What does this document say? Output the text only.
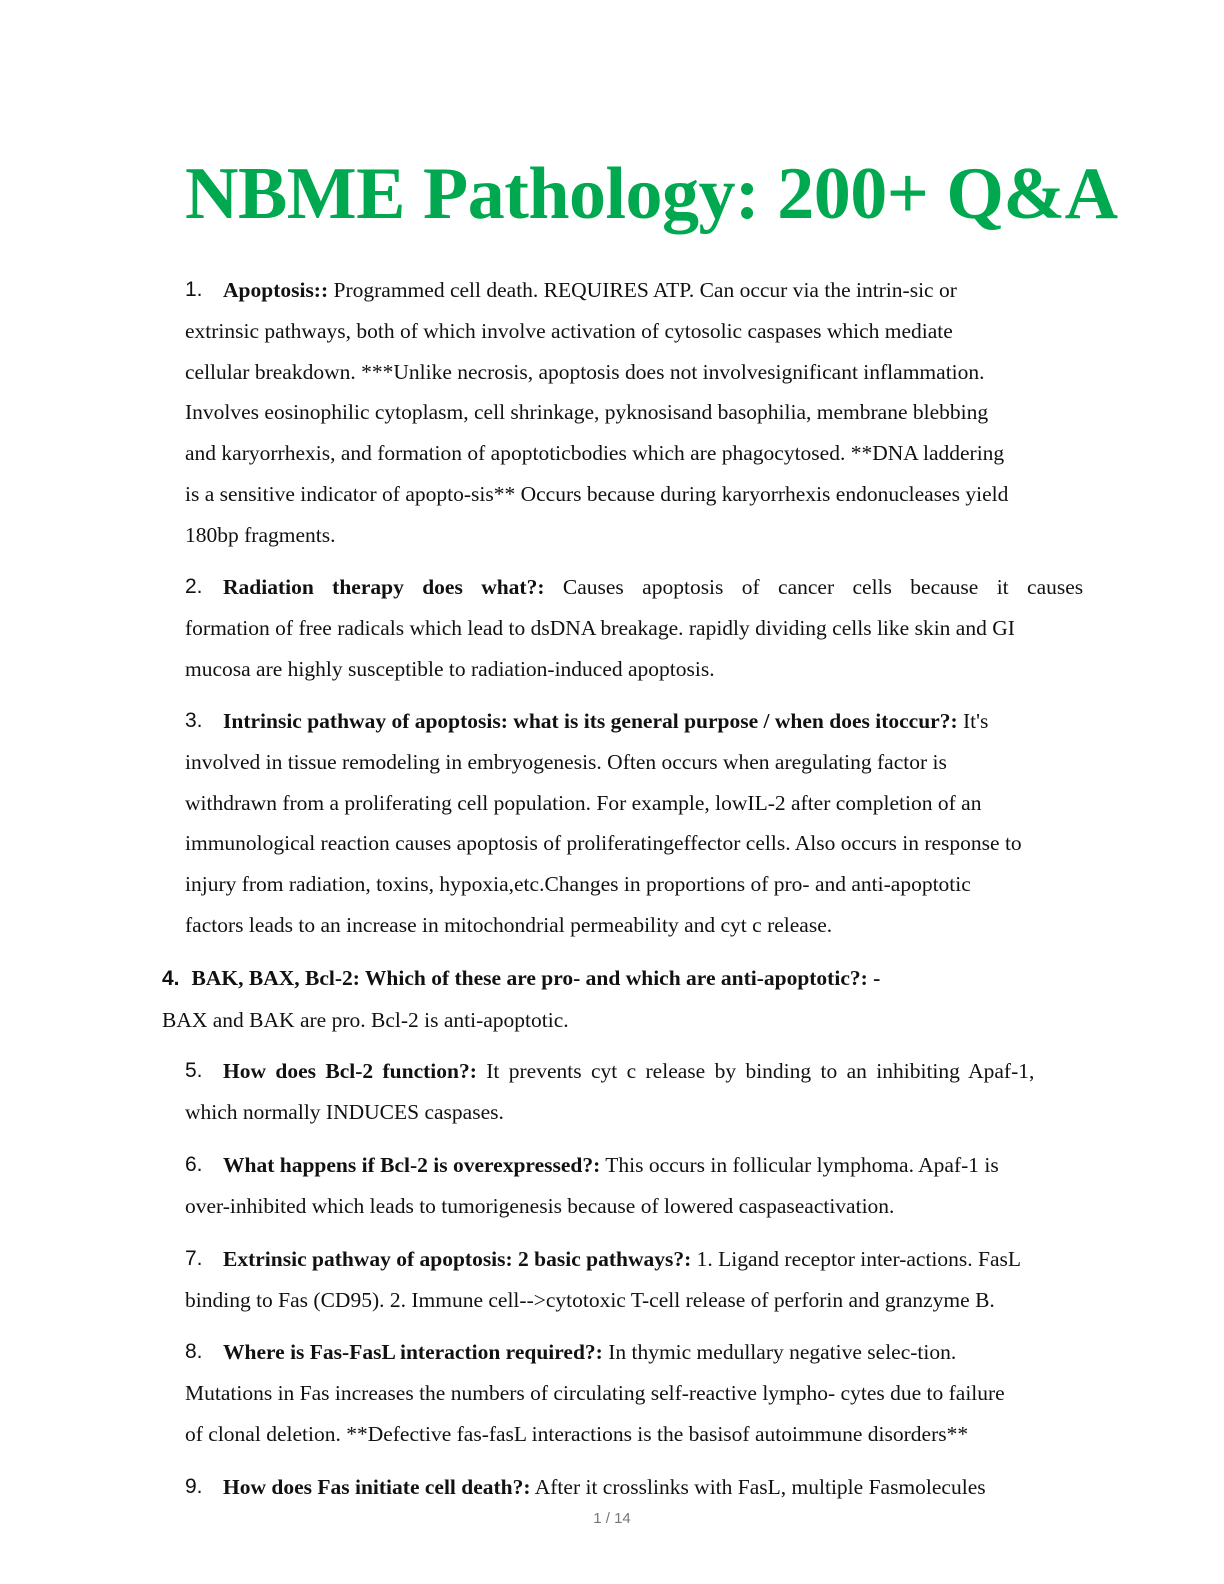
NBME Pathology: 200+ Q&A
1. Apoptosis:: Programmed cell death. REQUIRES ATP. Can occur via the intrin-sic or
extrinsic pathways, both of which involve activation of cytosolic caspases which mediate
cellular breakdown. ***Unlike necrosis, apoptosis does not involvesignificant inflammation.
Involves eosinophilic cytoplasm, cell shrinkage, pyknosisand basophilia, membrane blebbing
and karyorrhexis, and formation of apoptoticbodies which are phagocytosed. **DNA laddering
is a sensitive indicator of apopto-sis** Occurs because during karyorrhexis endonucleases yield
180bp fragments.
2. Radiation therapy does what?: Causes apoptosis of cancer cells because it causes
formation of free radicals which lead to dsDNA breakage. rapidly dividing cells like skin and GI
mucosa are highly susceptible to radiation-induced apoptosis.
3. Intrinsic pathway of apoptosis: what is its general purpose / when does itoccur?: It's
involved in tissue remodeling in embryogenesis. Often occurs when aregulating factor is
withdrawn from a proliferating cell population. For example, lowIL-2 after completion of an
immunological reaction causes apoptosis of proliferatingeffector cells. Also occurs in response to
injury from radiation, toxins, hypoxia,etc.Changes in proportions of pro- and anti-apoptotic
factors leads to an increase in mitochondrial permeability and cyt c release.
4. BAK, BAX, Bcl-2: Which of these are pro- and which are anti-apoptotic?: -
BAX and BAK are pro. Bcl-2 is anti-apoptotic.
5. How does Bcl-2 function?: It prevents cyt c release by binding to an inhibiting Apaf-1,
which normally INDUCES caspases.
6. What happens if Bcl-2 is overexpressed?: This occurs in follicular lymphoma. Apaf-1 is
over-inhibited which leads to tumorigenesis because of lowered caspaseactivation.
7. Extrinsic pathway of apoptosis: 2 basic pathways?: 1. Ligand receptor inter-actions. FasL
binding to Fas (CD95). 2. Immune cell-->cytotoxic T-cell release of perforin and granzyme B.
8. Where is Fas-FasL interaction required?: In thymic medullary negative selec-tion.
Mutations in Fas increases the numbers of circulating self-reactive lympho- cytes due to failure
of clonal deletion. **Defective fas-fasL interactions is the basisof autoimmune disorders**
9. How does Fas initiate cell death?: After it crosslinks with FasL, multiple Fasmolecules
1 / 14
